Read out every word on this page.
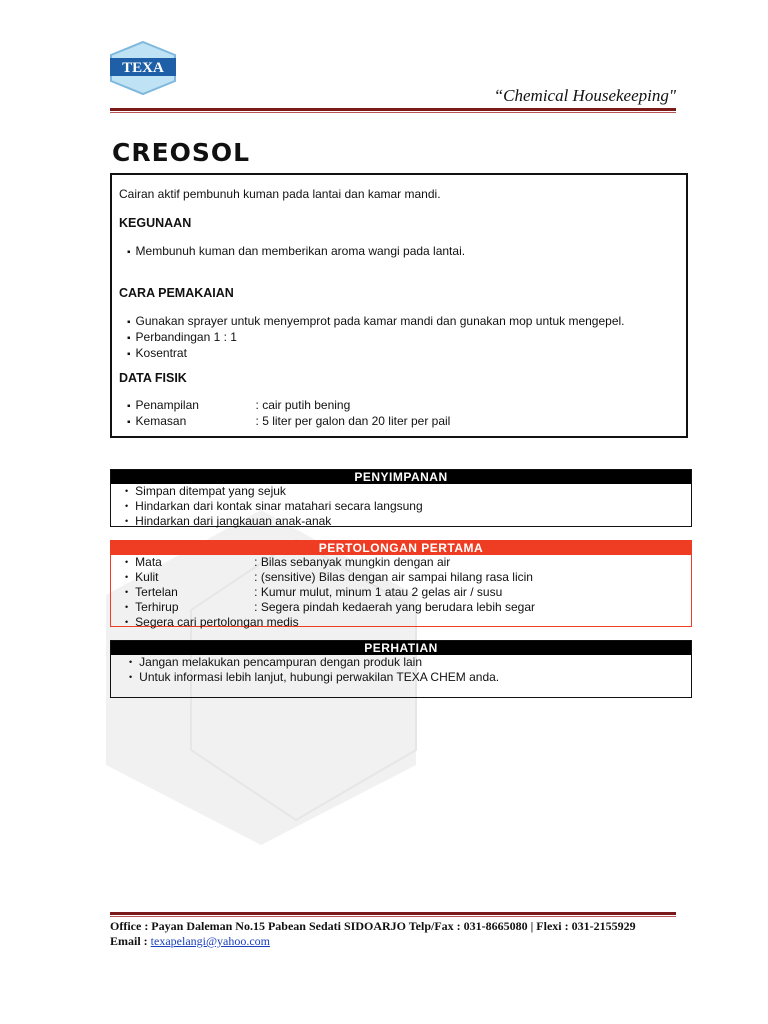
TEXA
“Chemical Housekeeping"
CREOSOL
Cairan aktif pembunuh kuman pada lantai dan kamar mandi.
KEGUNAAN
▪ Membunuh kuman dan memberikan aroma wangi pada lantai.
CARA PEMAKAIAN
▪ Gunakan sprayer untuk menyemprot pada kamar mandi dan gunakan mop untuk mengepel.
▪ Perbandingan 1 : 1
▪ Kosentrat
DATA FISIK
▪ Penampilan	: cair putih bening
▪ Kemasan	: 5 liter per galon dan 20 liter per pail
PENYIMPANAN
• Simpan ditempat yang sejuk
• Hindarkan dari kontak sinar matahari secara langsung
• Hindarkan dari jangkauan anak-anak
PERTOLONGAN PERTAMA
• Mata	: Bilas sebanyak mungkin dengan air
• Kulit	: (sensitive) Bilas dengan air sampai hilang rasa licin
• Tertelan	: Kumur mulut, minum 1 atau 2 gelas air / susu
• Terhirup	: Segera pindah kedaerah yang berudara lebih segar
• Segera cari pertolongan medis
PERHATIAN
• Jangan melakukan pencampuran dengan produk lain
• Untuk informasi lebih lanjut, hubungi perwakilan TEXA CHEM anda.
Office : Payan Daleman No.15 Pabean Sedati SIDOARJO Telp/Fax : 031-8665080 | Flexi : 031-2155929
Email : texapelangi@yahoo.com
